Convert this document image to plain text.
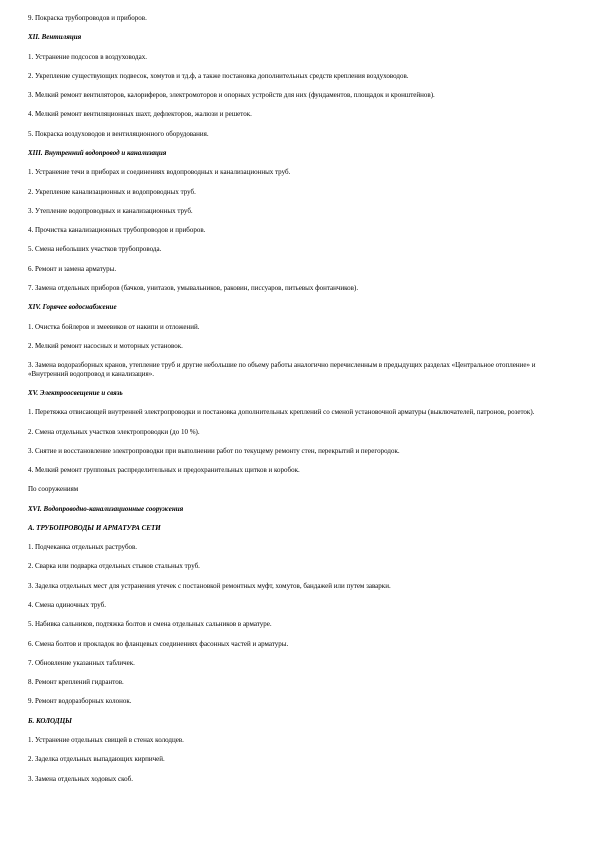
9. Покраска трубопроводов и приборов.

XII. Вентиляция

1. Устранение подсосов в воздуховодах.

2. Укрепление существующих подвесок, хомутов и тд.ф, а также постановка дополнительных средств крепления воздуховодов.

3. Мелкий ремонт вентиляторов, калориферов, электромоторов и опорных устройств для них (фундаментов, площадок и кронштейнов).

4. Мелкий ремонт вентиляционных шахт, дефлекторов, жалюзи и решеток.

5. Покраска воздуховодов и вентиляционного оборудования.

XIII. Внутренний водопровод и канализация

1. Устранение течи в приборах и соединениях водопроводных и канализационных труб.

2. Укрепление канализационных и водопроводных труб.

3. Утепление водопроводных и канализационных труб.

4. Прочистка канализационных трубопроводов и приборов.

5. Смена небольших участков трубопровода.

6. Ремонт и замена арматуры.

7. Замена отдельных приборов (бачков, унитазов, умывальников, раковин, писсуаров, питьевых фонтанчиков).

XIV. Горячее водоснабжение

1. Очистка бойлеров и змеевиков от накипи и отложений.

2. Мелкий ремонт насосных и моторных установок.

3. Замена водоразборных кранов, утепление труб и другие небольшие по объему работы аналогично перечисленным в предыдущих разделах «Центральное отопление» и «Внутренний водопровод и канализация».

XV. Электроосвещение и связь

1. Перетяжка отвисающей внутренней электропроводки и постановка дополнительных креплений со сменой установочной арматуры (выключателей, патронов, розеток).

2. Смена отдельных участков электропроводки (до 10 %).

3. Снятие и восстановление электропроводки при выполнении работ по текущему ремонту стен, перекрытий и перегородок.

4. Мелкий ремонт групповых распределительных и предохранительных щитков и коробок.

По сооружениям

XVI. Водопроводно-канализационные сооружения

А. ТРУБОПРОВОДЫ И АРМАТУРА СЕТИ

1. Подчеканка отдельных раструбов.

2. Сварка или подварка отдельных стыков стальных труб.

3. Заделка отдельных мест для устранения утечек с постановкой ремонтных муфт, хомутов, бандажей или путем заварки.

4. Смена одиночных труб.

5. Набивка сальников, подтяжка болтов и смена отдельных сальников в арматуре.

6. Смена болтов и прокладок во фланцевых соединениях фасонных частей и арматуры.

7. Обновление указанных табличек.

8. Ремонт креплений гидрантов.

9. Ремонт водоразборных колонок.

Б. КОЛОДЦЫ

1. Устранение отдельных свищей в стенах колодцев.

2. Заделка отдельных выпадающих кирпичей.

3. Замена отдельных ходовых скоб.
